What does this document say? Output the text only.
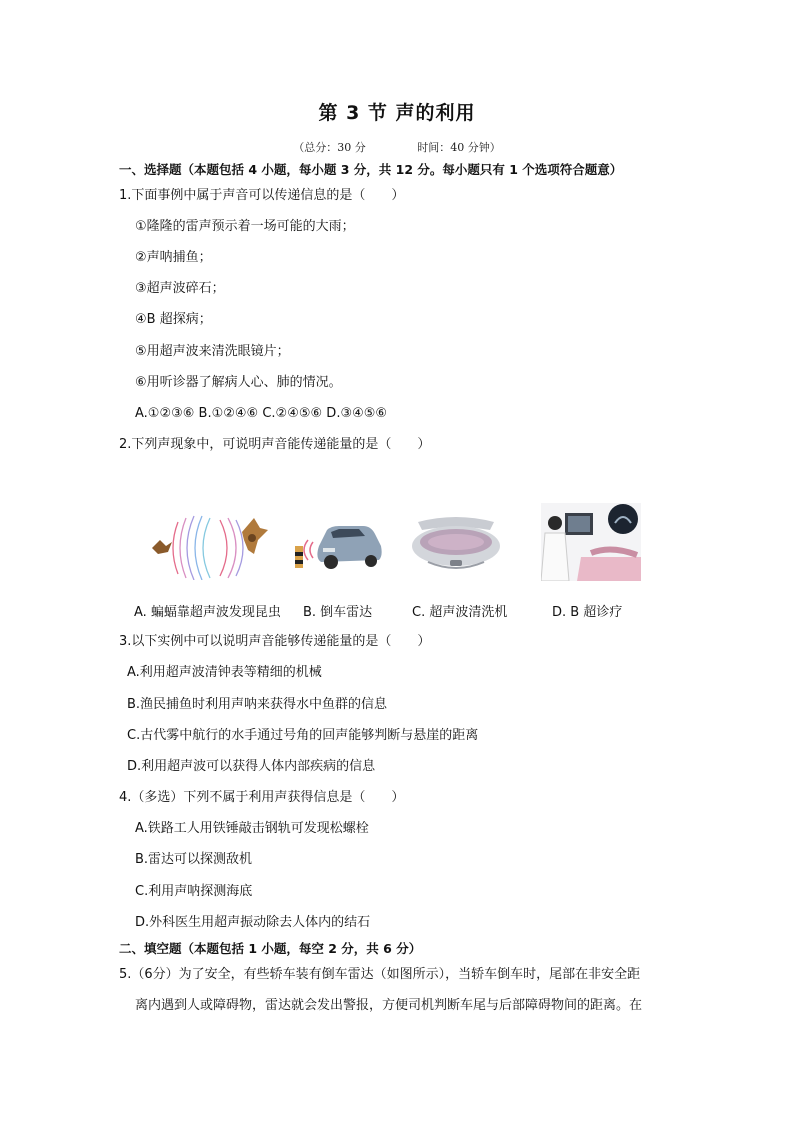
第 3 节 声的利用
（总分：30 分	时间：40 分钟）
一、选择题（本题包括 4 小题，每小题 3 分，共 12 分。每小题只有 1 个选项符合题意）
1.下面事例中属于声音可以传递信息的是（　　）
①隆隆的雷声预示着一场可能的大雨；
②声呐捕鱼；
③超声波碎石；
④B 超探病；
⑤用超声波来清洗眼镜片；
⑥用听诊器了解病人心、肺的情况。
A.①②③⑥ B.①②④⑥ C.②④⑤⑥ D.③④⑤⑥
2.下列声现象中，可说明声音能传递能量的是（　　）
A. 蝙蝠靠超声波发现昆虫 B. 倒车雷达	C. 超声波清洗机	D. B 超诊疗
3.以下实例中可以说明声音能够传递能量的是（　　）
A.利用超声波清钟表等精细的机械
B.渔民捕鱼时利用声呐来获得水中鱼群的信息
C.古代雾中航行的水手通过号角的回声能够判断与悬崖的距离
D.利用超声波可以获得人体内部疾病的信息
4.（多选）下列不属于利用声获得信息是（　　）
A.铁路工人用铁锤敲击钢轨可发现松螺栓
B.雷达可以探测敌机
C.利用声呐探测海底
D.外科医生用超声振动除去人体内的结石
二、填空题（本题包括 1 小题，每空 2 分，共 6 分）
5.（6分）为了安全，有些轿车装有倒车雷达（如图所示），当轿车倒车时，尾部在非安全距
离内遇到人或障碍物，雷达就会发出警报，方便司机判断车尾与后部障碍物间的距离。在
